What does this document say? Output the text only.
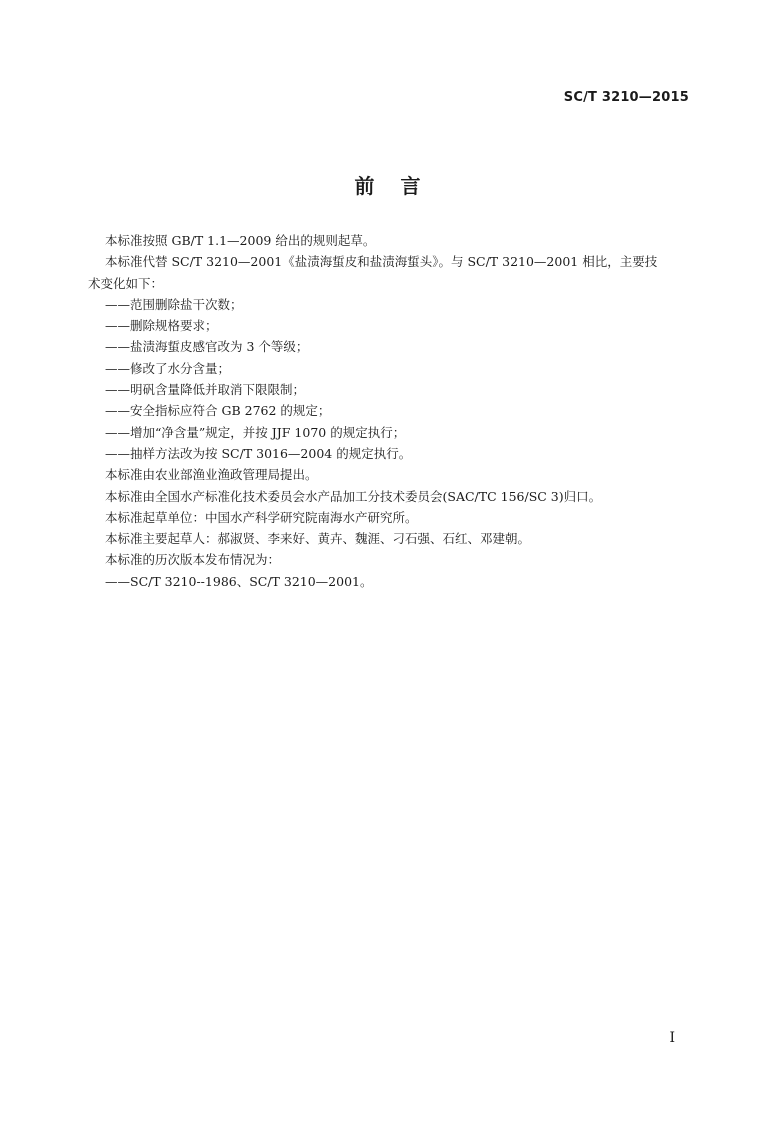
SC/T 3210—2015
前言

本标准按照 GB/T 1.1—2009 给出的规则起草。

本标准代替 SC/T 3210—2001《盐渍海蜇皮和盐渍海蜇头》。与 SC/T 3210—2001 相比，主要技

术变化如下：

——范围删除盐干次数；

——删除规格要求；

——盐渍海蜇皮感官改为 3 个等级；

——修改了水分含量；

——明矾含量降低并取消下限限制；

——安全指标应符合 GB 2762 的规定；

——增加“净含量”规定，并按 JJF 1070 的规定执行；

——抽样方法改为按 SC/T 3016—2004 的规定执行。

本标准由农业部渔业渔政管理局提出。

本标准由全国水产标准化技术委员会水产品加工分技术委员会(SAC/TC 156/SC 3)归口。

本标准起草单位：中国水产科学研究院南海水产研究所。

本标准主要起草人：郝淑贤、李来好、黄卉、魏涯、刁石强、石红、邓建朝。

本标准的历次版本发布情况为：

——SC/T 3210--1986、SC/T 3210—2001。

I
